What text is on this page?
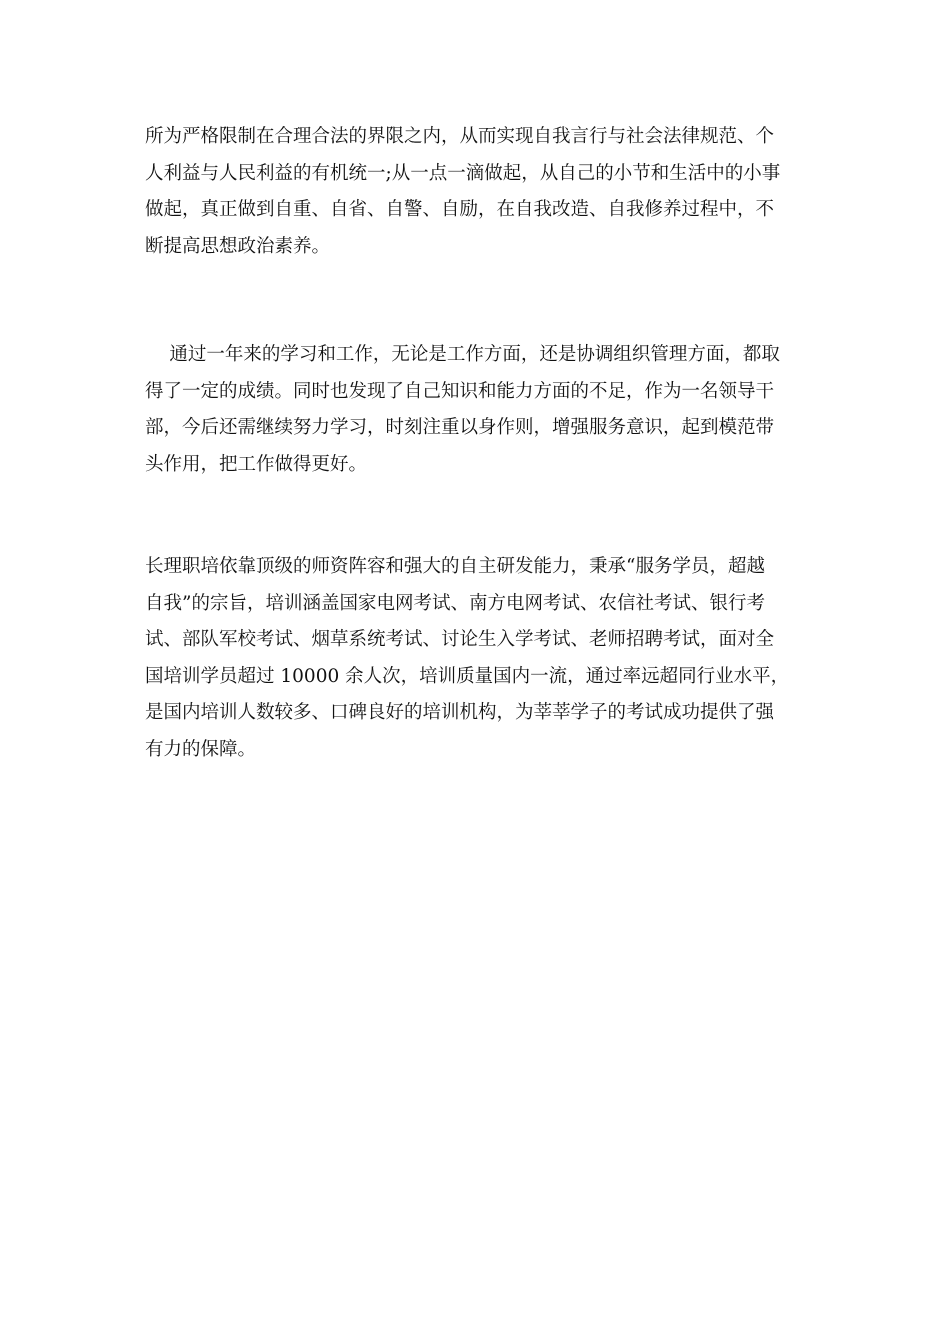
所为严格限制在合理合法的界限之内，从而实现自我言行与社会法律规范、个
人利益与人民利益的有机统一;从一点一滴做起，从自己的小节和生活中的小事
做起，真正做到自重、自省、自警、自励，在自我改造、自我修养过程中，不
断提高思想政治素养。
　 通过一年来的学习和工作，无论是工作方面，还是协调组织管理方面，都取
得了一定的成绩。同时也发现了自己知识和能力方面的不足，作为一名领导干
部，今后还需继续努力学习，时刻注重以身作则，增强服务意识，起到模范带
头作用，把工作做得更好。
长理职培依靠顶级的师资阵容和强大的自主研发能力，秉承“服务学员，超越
自我”的宗旨，培训涵盖国家电网考试、南方电网考试、农信社考试、银行考
试、部队军校考试、烟草系统考试、讨论生入学考试、老师招聘考试，面对全
国培训学员超过 10000 余人次，培训质量国内一流，通过率远超同行业水平，
是国内培训人数较多、口碑良好的培训机构，为莘莘学子的考试成功提供了强
有力的保障。
